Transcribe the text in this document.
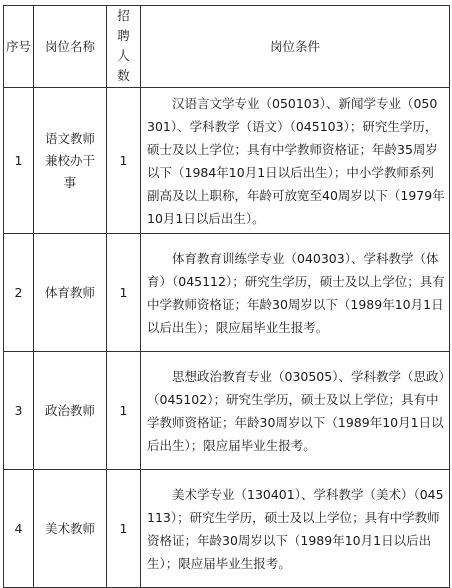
序号	岗位名称	招聘人数	岗位条件
1	语文教师兼校办干事	1	汉语言文学专业（050103）、新闻学专业（050301）、学科教学（语文）（045103）；研究生学历，硕士及以上学位；具有中学教师资格证；年龄35周岁以下（1984年10月1日以后出生）；中小学教师系列副高及以上职称，年龄可放宽至40周岁以下（1979年10月1日以后出生）。

2	体育教师	1	体育教育训练学专业（040303）、学科教学（体育）（045112）；研究生学历，硕士及以上学位；具有中学教师资格证；年龄30周岁以下（1989年10月1日以后出生）；限应届毕业生报考。

3	政治教师	1	思想政治教育专业（030505）、学科教学（思政）（045102）；研究生学历，硕士及以上学位；具有中学教师资格证；年龄30周岁以下（1989年10月1日以后出生）；限应届毕业生报考。

4	美术教师	1	美术学专业（130401）、学科教学（美术）（045113）；研究生学历，硕士及以上学位；具有中学教师资格证；年龄30周岁以下（1989年10月1日以后出生）；限应届毕业生报考。
